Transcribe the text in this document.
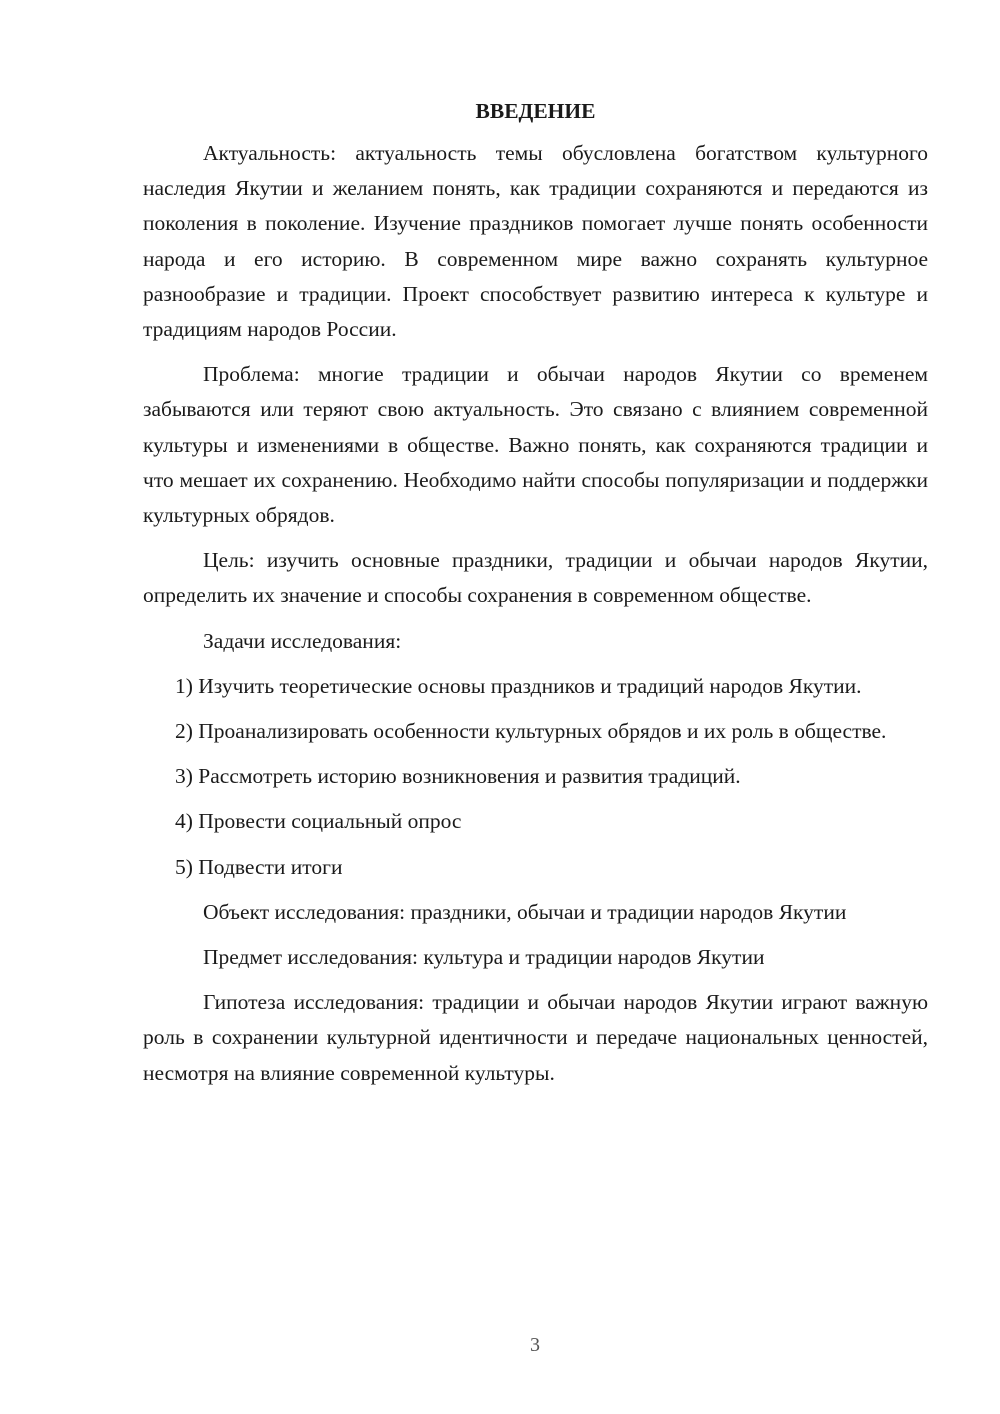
ВВЕДЕНИЕ

Актуальность: актуальность темы обусловлена богатством культурного наследия Якутии и желанием понять, как традиции сохраняются и передаются из поколения в поколение. Изучение праздников помогает лучше понять особенности народа и его историю. В современном мире важно сохранять культурное разнообразие и традиции. Проект способствует развитию интереса к культуре и традициям народов России.

Проблема: многие традиции и обычаи народов Якутии со временем забываются или теряют свою актуальность. Это связано с влиянием современной культуры и изменениями в обществе. Важно понять, как сохраняются традиции и что мешает их сохранению. Необходимо найти способы популяризации и поддержки культурных обрядов.

Цель: изучить основные праздники, традиции и обычаи народов Якутии, определить их значение и способы сохранения в современном обществе.

Задачи исследования:

1) Изучить теоретические основы праздников и традиций народов Якутии.

2) Проанализировать особенности культурных обрядов и их роль в обществе.

3) Рассмотреть историю возникновения и развития традиций.

4) Провести социальный опрос

5) Подвести итоги

Объект исследования: праздники, обычаи и традиции народов Якутии

Предмет исследования: культура и традиции народов Якутии

Гипотеза исследования: традиции и обычаи народов Якутии играют важную роль в сохранении культурной идентичности и передаче национальных ценностей, несмотря на влияние современной культуры.

3
